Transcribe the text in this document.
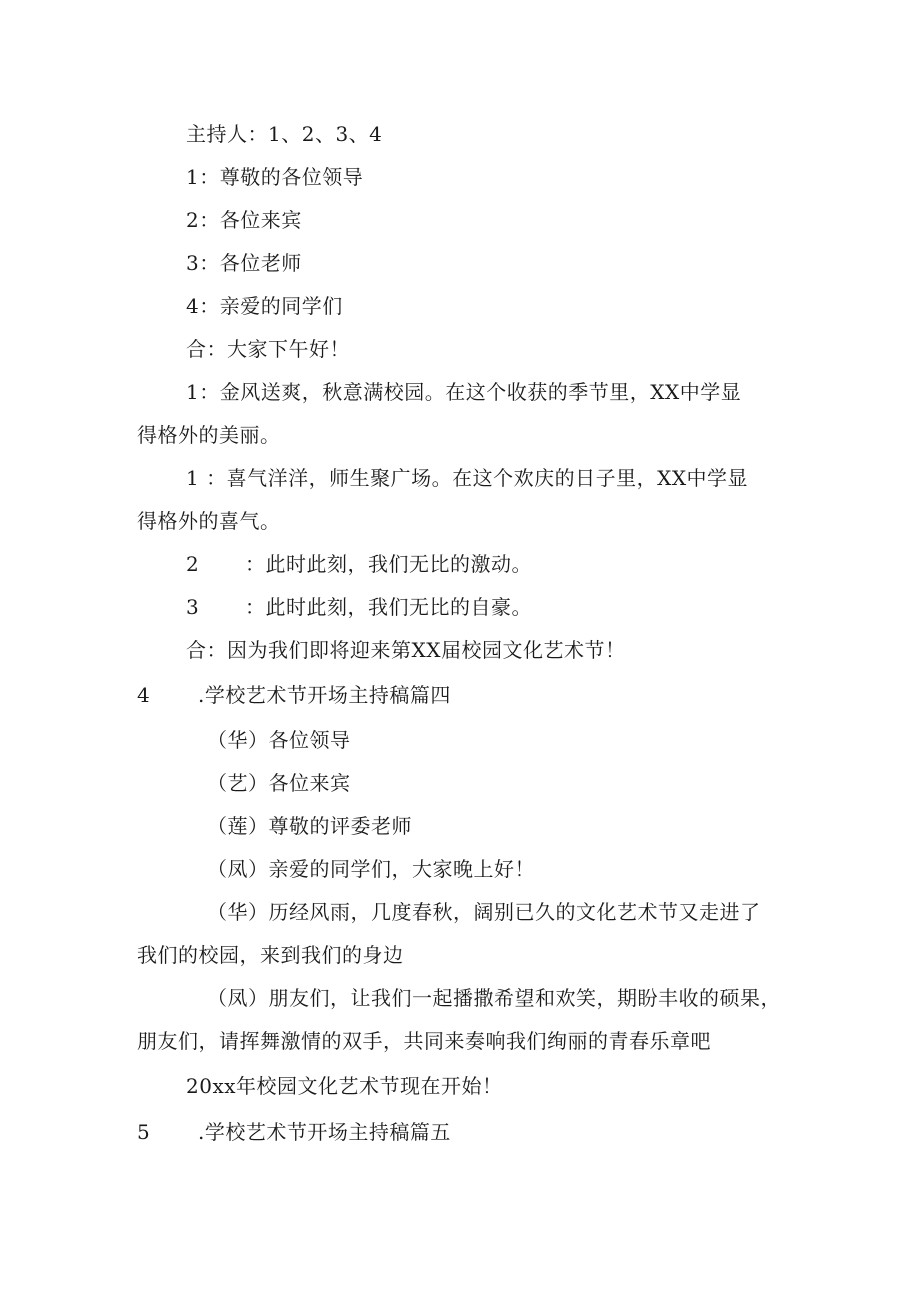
主持人：1、2、3、4
1：尊敬的各位领导
2：各位来宾
3：各位老师
4：亲爱的同学们
合：大家下午好！
1：金风送爽，秋意满校园。在这个收获的季节里，XX中学显
得格外的美丽。
1 ：喜气洋洋，师生聚广场。在这个欢庆的日子里，XX中学显
得格外的喜气。
2 ：此时此刻，我们无比的激动。
3 ：此时此刻，我们无比的自豪。
合：因为我们即将迎来第XX届校园文化艺术节！
4 .学校艺术节开场主持稿篇四
（华）各位领导
（艺）各位来宾
（莲）尊敬的评委老师
（凤）亲爱的同学们，大家晚上好！
（华）历经风雨，几度春秋，阔别已久的文化艺术节又走进了
我们的校园，来到我们的身边
（凤）朋友们，让我们一起播撒希望和欢笑，期盼丰收的硕果，
朋友们，请挥舞激情的双手，共同来奏响我们绚丽的青春乐章吧
20xx年校园文化艺术节现在开始！
5 .学校艺术节开场主持稿篇五
